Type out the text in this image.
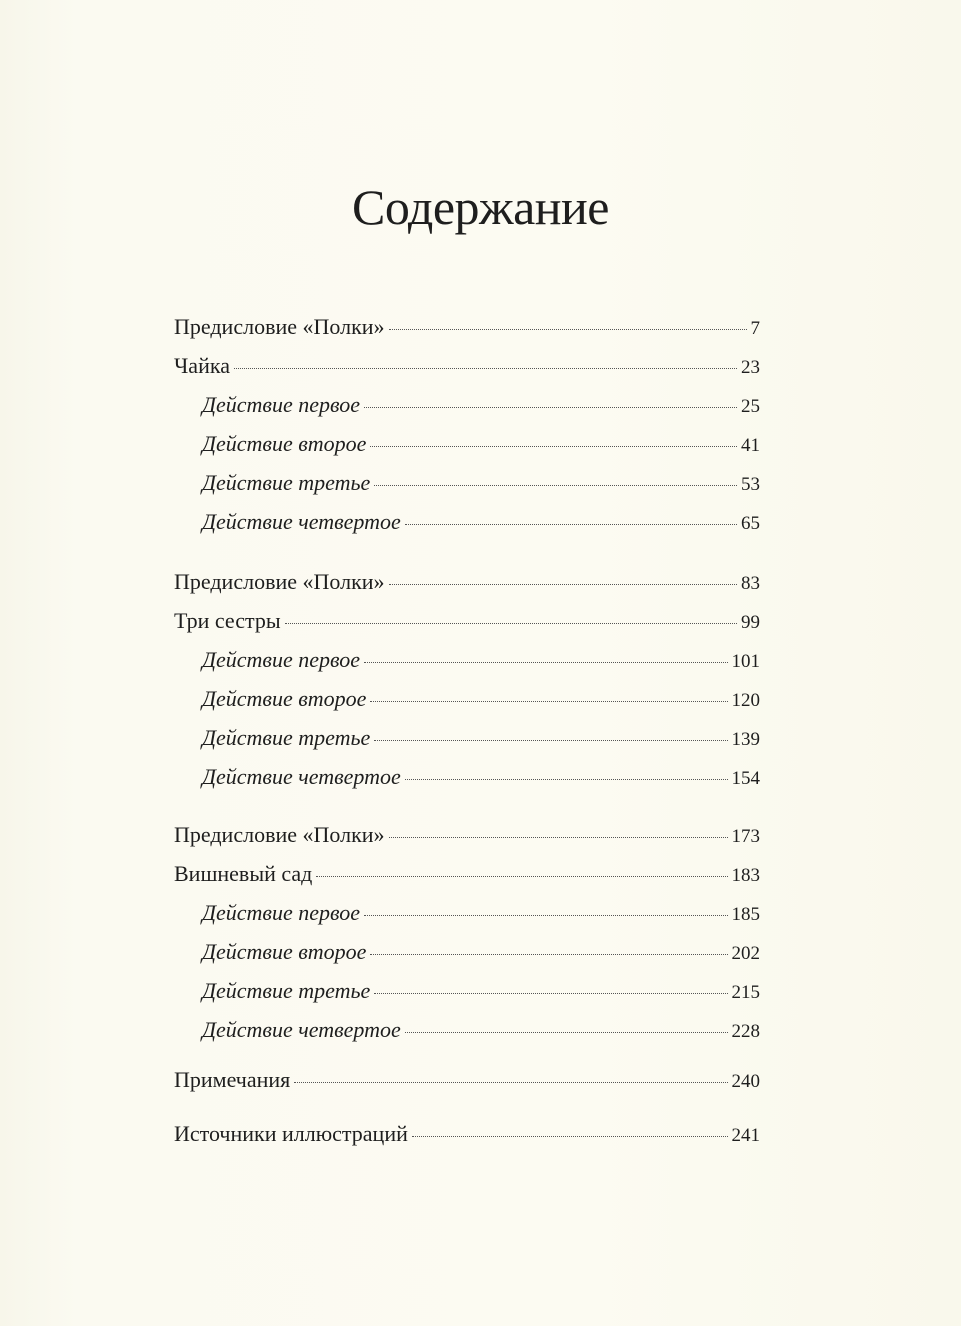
Содержание
Предисловие «Полки»	7
Чайка	23
Действие первое	25
Действие второе	41
Действие третье	53
Действие четвертое	65
Предисловие «Полки»	83
Три сестры	99
Действие первое	101
Действие второе	120
Действие третье	139
Действие четвертое	154
Предисловие «Полки»	173
Вишневый сад	183
Действие первое	185
Действие второе	202
Действие третье	215
Действие четвертое	228
Примечания	240
Источники иллюстраций	241
